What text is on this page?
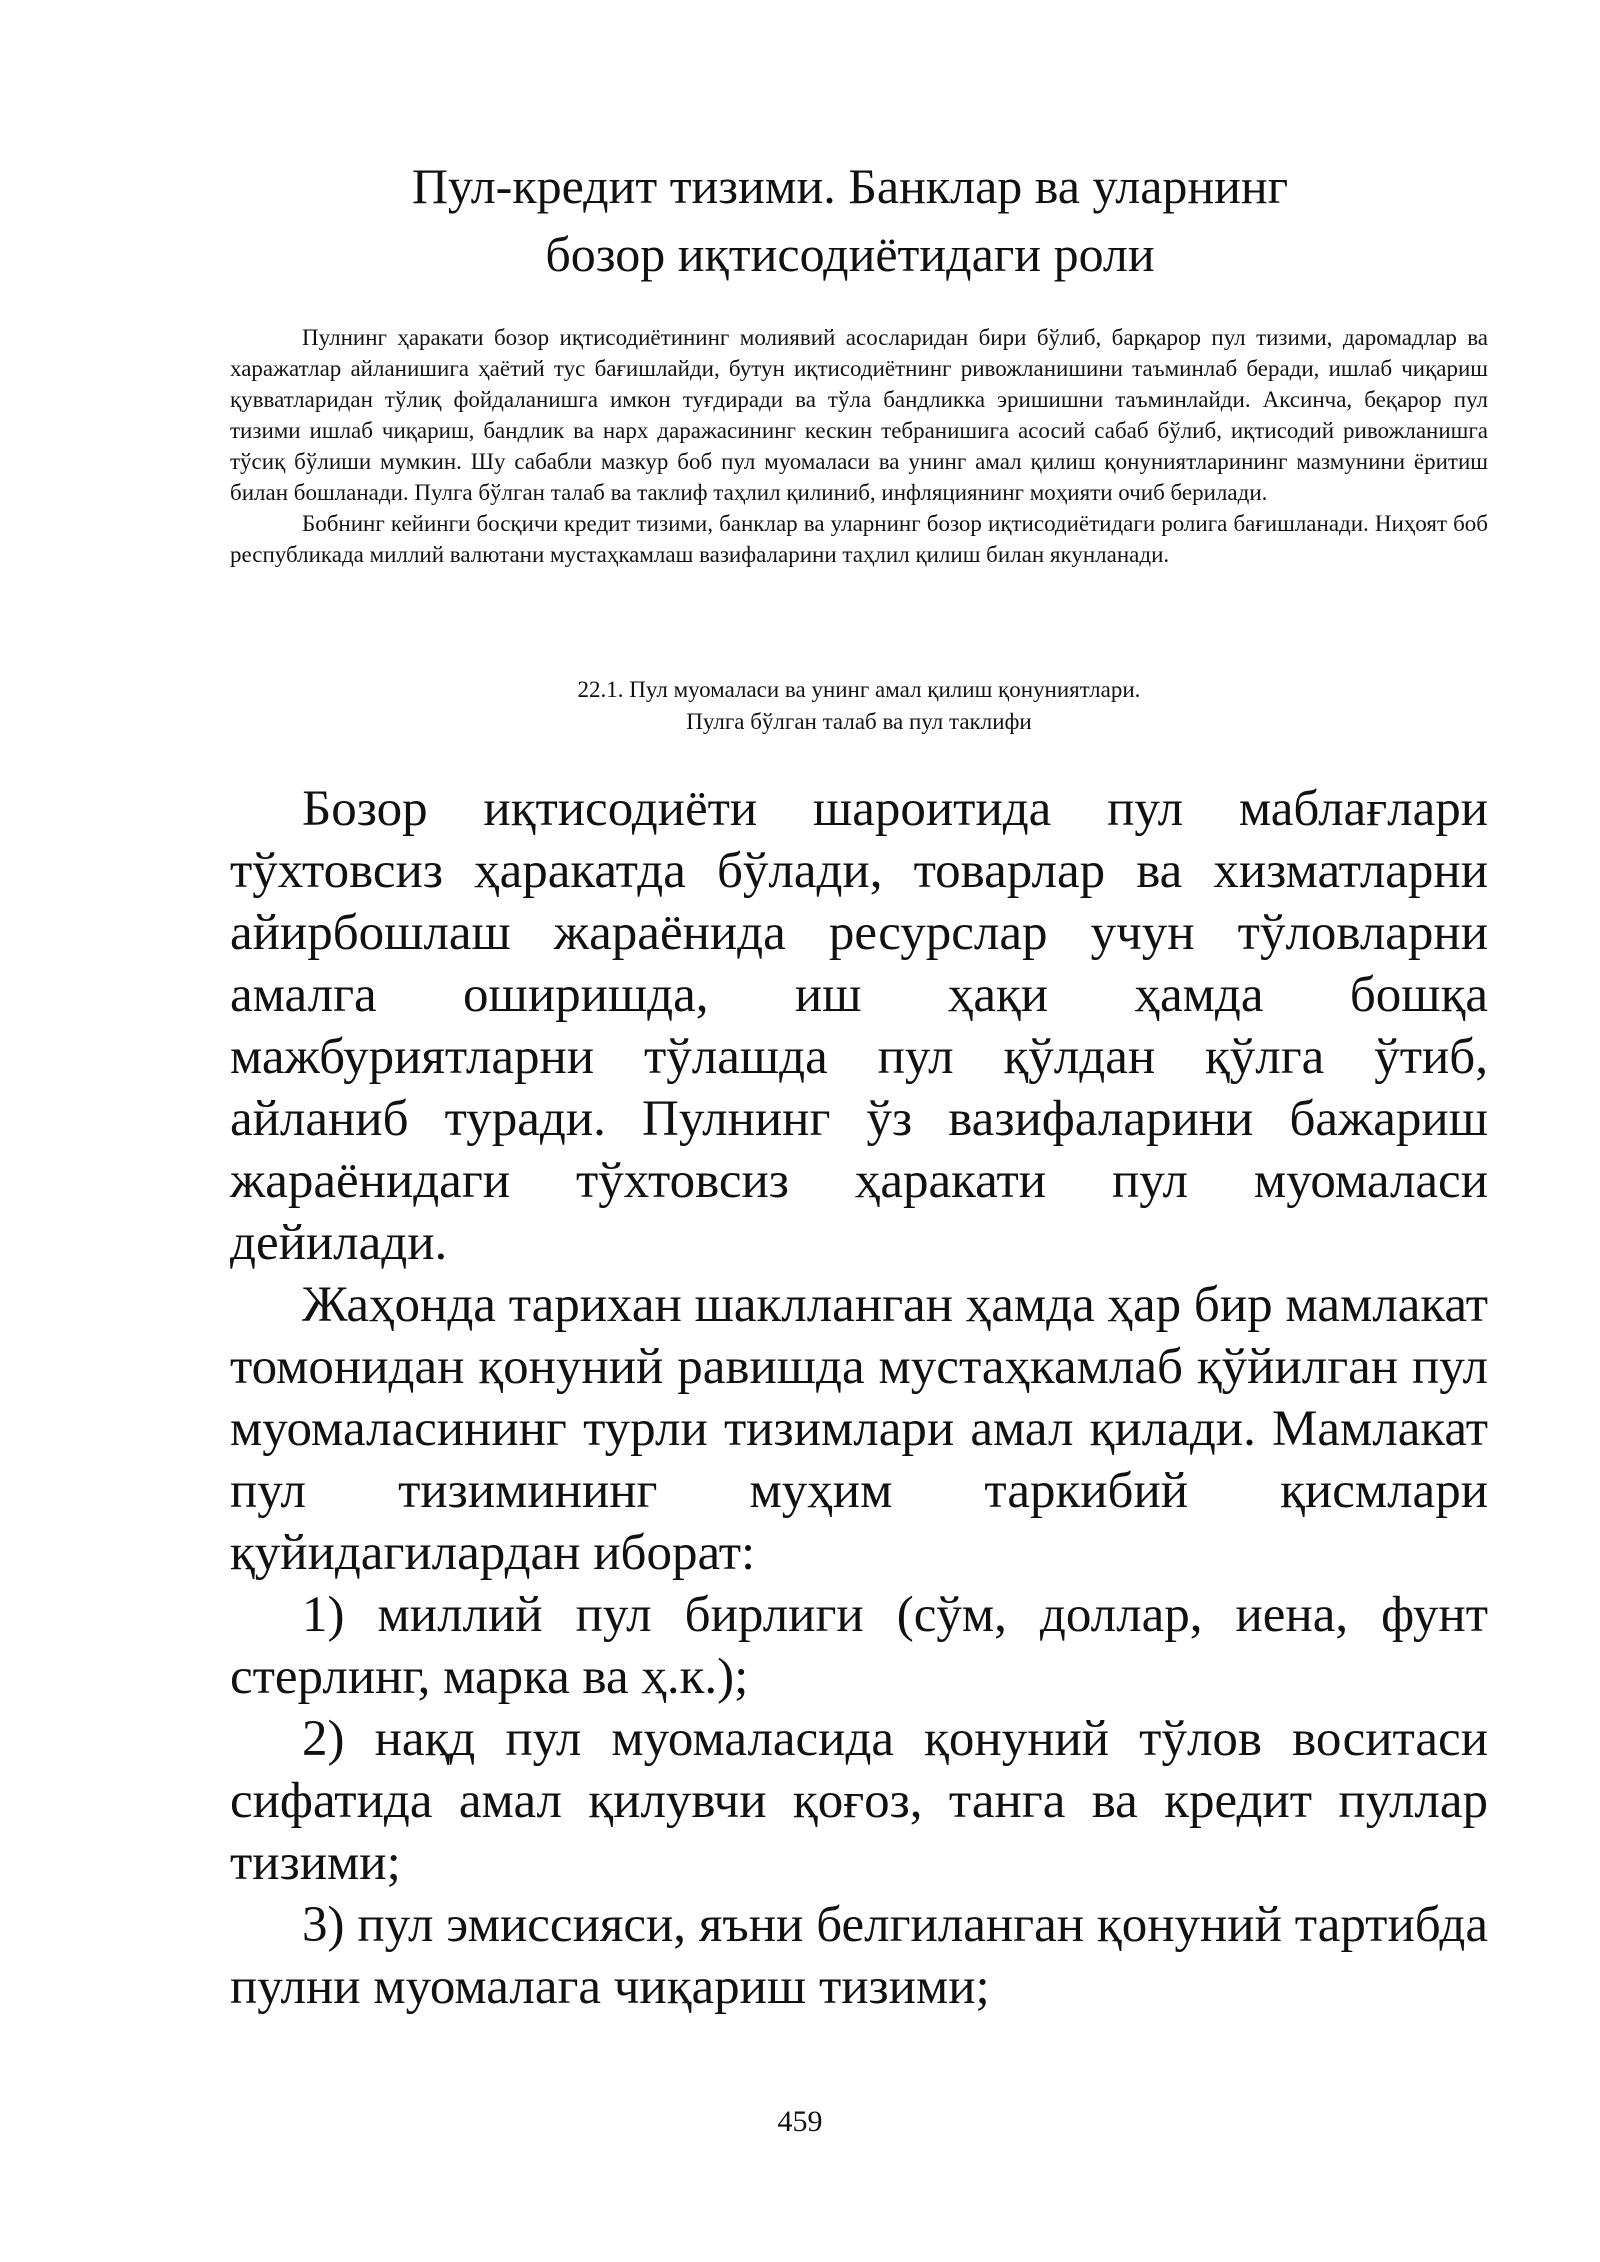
Пул-кредит тизими. Банклар ва уларнинг
бозор иқтисодиётидаги роли

Пулнинг ҳаракати бозор иқтисодиётининг молиявий асосларидан бири бўлиб, барқарор пул тизими, даромадлар ва харажатлар айланишига ҳаётий тус бағишлайди, бутун иқтисодиётнинг ривожланишини таъминлаб беради, ишлаб чиқариш қувватларидан тўлиқ фойдаланишга имкон туғдиради ва тўла бандликка эришишни таъминлайди. Аксинча, беқарор пул тизими ишлаб чиқариш, бандлик ва нарх даражасининг кескин тебранишига асосий сабаб бўлиб, иқтисодий ривожланишга тўсиқ бўлиши мумкин. Шу сабабли мазкур боб пул муомаласи ва унинг амал қилиш қонуниятларининг мазмунини ёритиш билан бошланади. Пулга бўлган талаб ва таклиф таҳлил қилиниб, инфляциянинг моҳияти очиб берилади.

Бобнинг кейинги босқичи кредит тизими, банклар ва уларнинг бозор иқтисодиётидаги ролига бағишланади. Ниҳоят боб республикада миллий валютани мустаҳкамлаш вазифаларини таҳлил қилиш билан якунланади.

22.1. Пул муомаласи ва унинг амал қилиш қонуниятлари.
Пулга бўлган талаб ва пул таклифи

Бозор иқтисодиёти шароитида пул маблағлари тўхтовсиз ҳаракатда бўлади, товарлар ва хизматларни айирбошлаш жараёнида ресурслар учун тўловларни амалга оширишда, иш ҳақи ҳамда бошқа мажбуриятларни тўлашда пул қўлдан қўлга ўтиб, айланиб туради. Пулнинг ўз вазифаларини бажариш жараёнидаги тўхтовсиз ҳаракати пул муомаласи дейилади.

Жаҳонда тарихан шаклланган ҳамда ҳар бир мамлакат томонидан қонуний равишда мустаҳкамлаб қўйилган пул муомаласининг турли тизимлари амал қилади. Мамлакат пул тизимининг муҳим таркибий қисмлари қуйидагилардан иборат:

1) миллий пул бирлиги (сўм, доллар, иена, фунт стерлинг, марка ва ҳ.к.);

2) нақд пул муомаласида қонуний тўлов воситаси сифатида амал қилувчи қоғоз, танга ва кредит пуллар тизими;

3) пул эмиссияси, яъни белгиланган қонуний тартибда пулни муомалага чиқариш тизими;

459
